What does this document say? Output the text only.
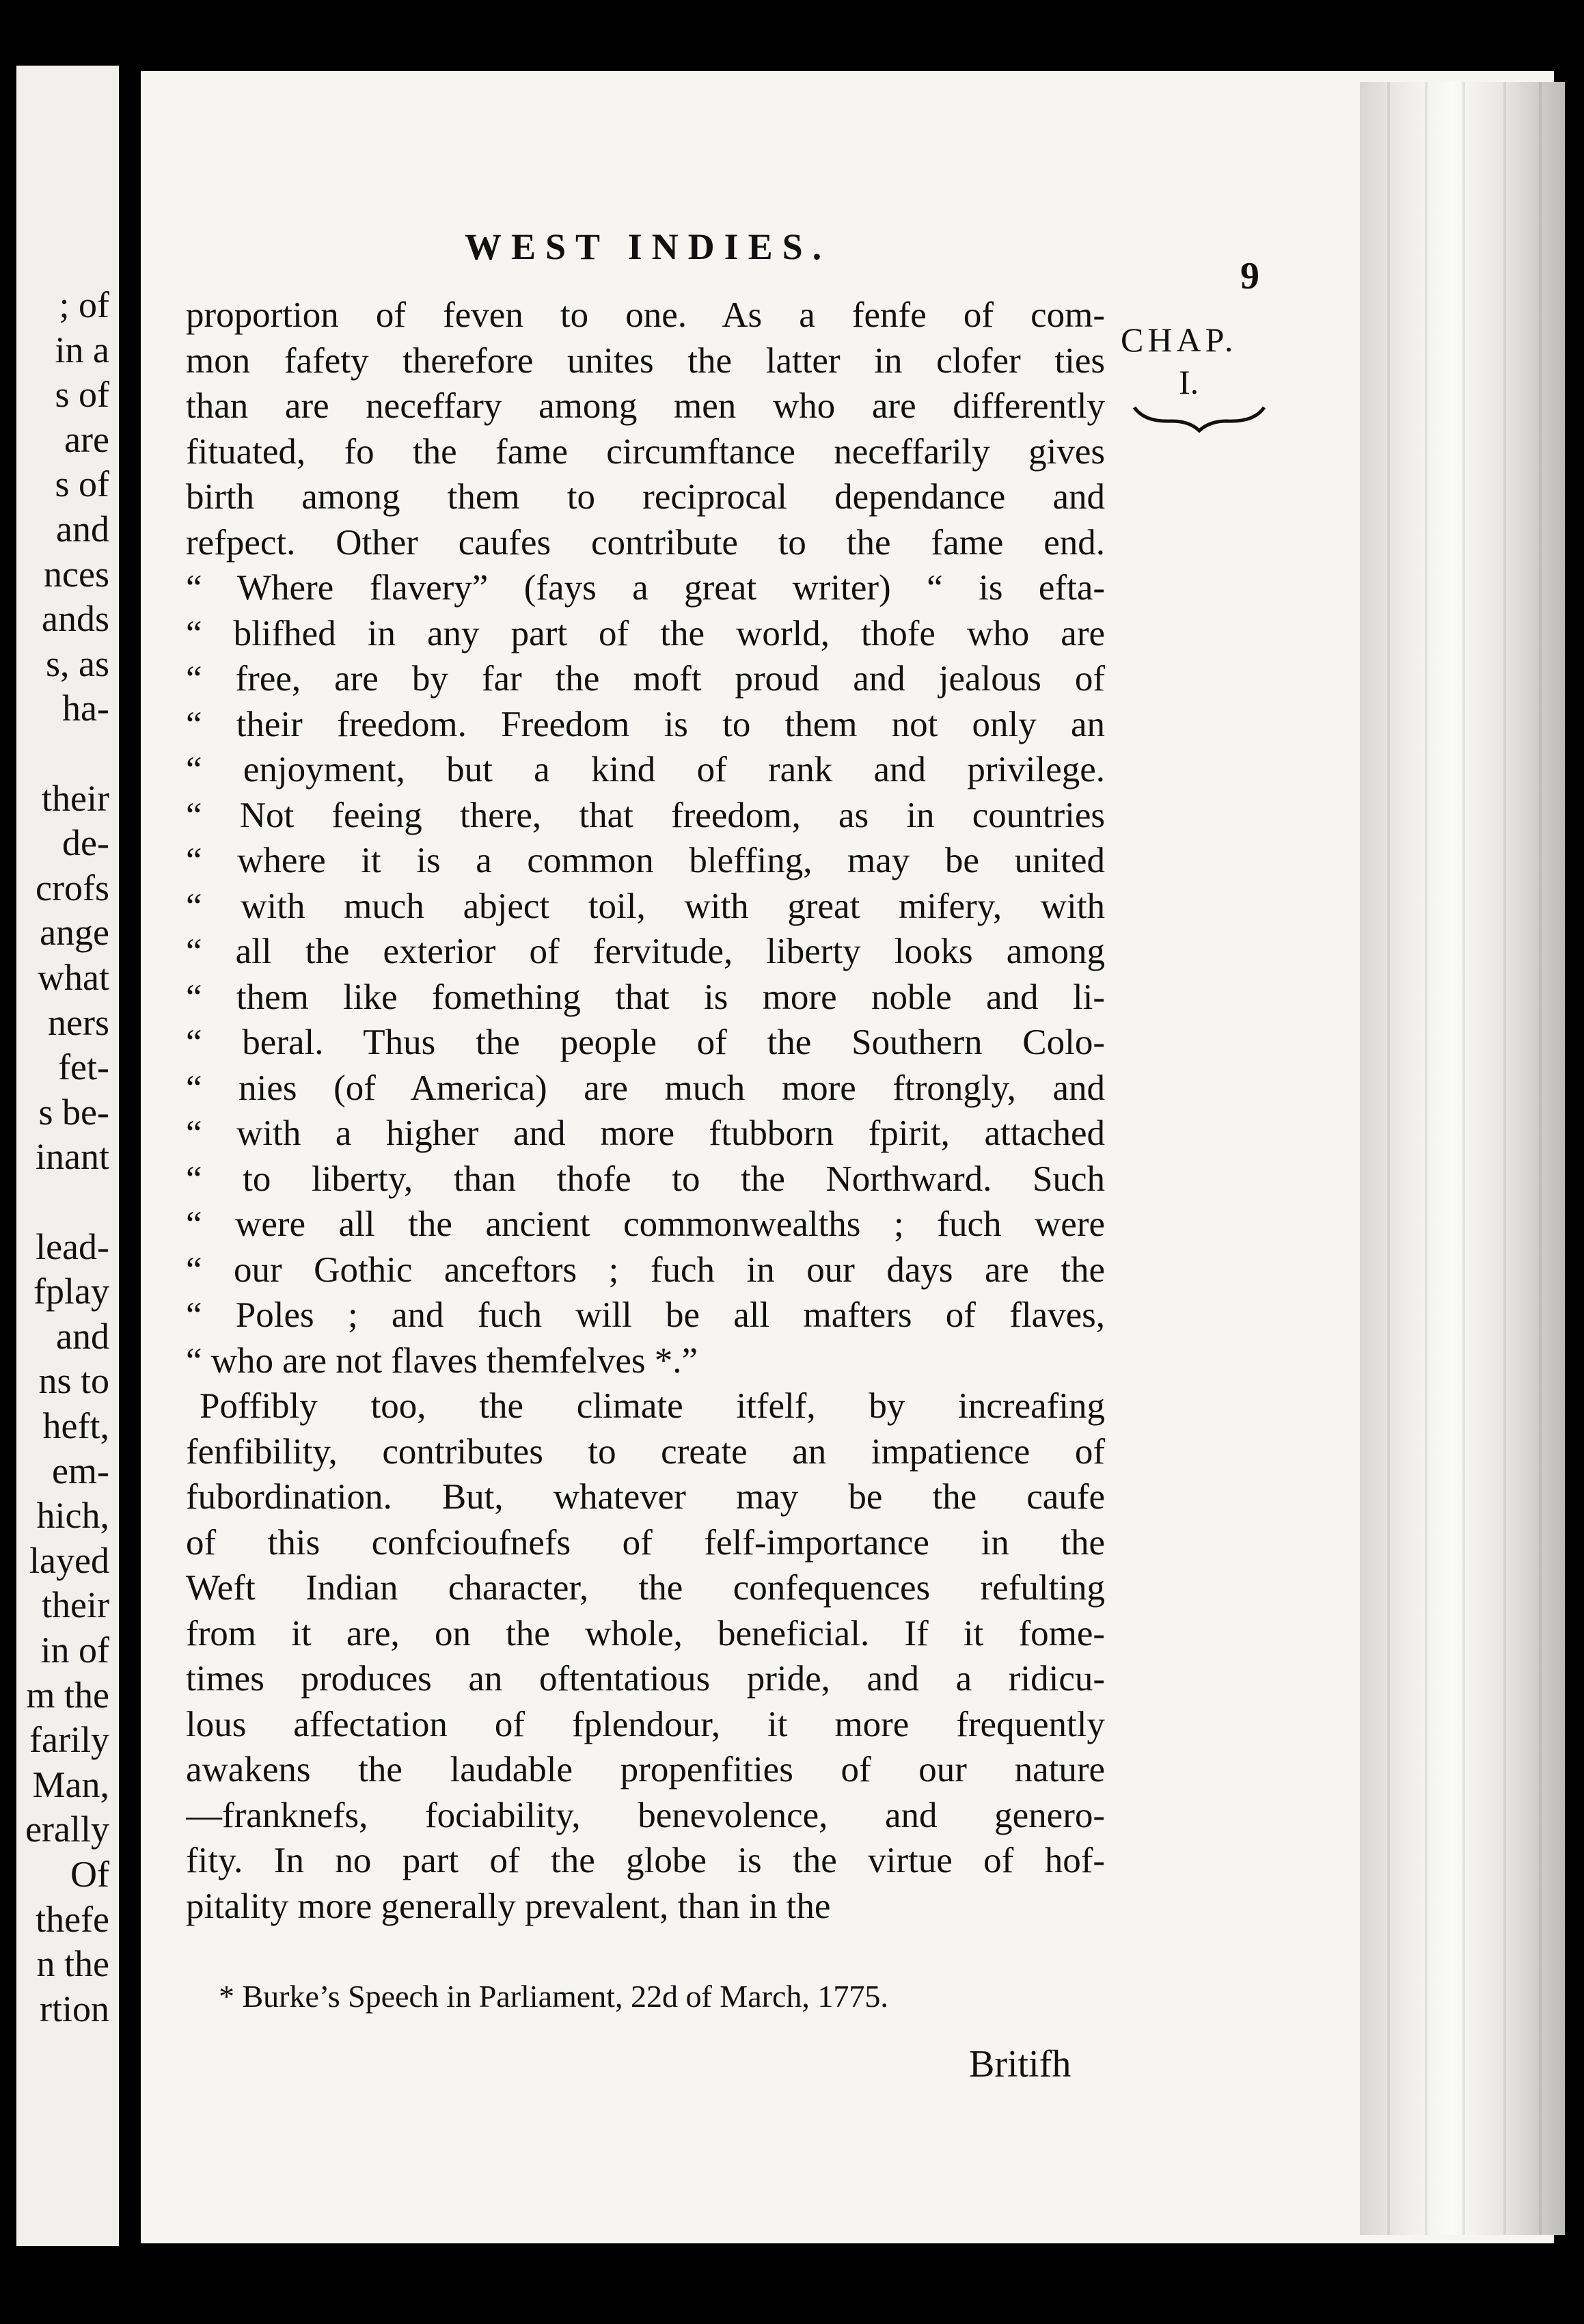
; of
in a
s of
are
s of
and
nces
ands
s, as
ha-
their
de-
crofs
ange
what
ners
fet-
s be-
inant
lead-
fplay
and
ns to
heft,
em-
hich,
layed
their
in of
m the
farily
Man,
erally
Of
thefe
n the
rtion
WEST INDIES.
9
CHAP.
I.
proportion of feven to one. As a fenfe of com-
mon fafety therefore unites the latter in clofer ties
than are neceffary among men who are differently
fituated, fo the fame circumftance neceffarily gives
birth among them to reciprocal dependance and
refpect. Other caufes contribute to the fame end.
“ Where flavery” (fays a great writer) “ is efta-
“ blifhed in any part of the world, thofe who are
“ free, are by far the moft proud and jealous of
“ their freedom. Freedom is to them not only an
“ enjoyment, but a kind of rank and privilege.
“ Not feeing there, that freedom, as in countries
“ where it is a common bleffing, may be united
“ with much abject toil, with great mifery, with
“ all the exterior of fervitude, liberty looks among
“ them like fomething that is more noble and li-
“ beral. Thus the people of the Southern Colo-
“ nies (of America) are much more ftrongly, and
“ with a higher and more ftubborn fpirit, attached
“ to liberty, than thofe to the Northward. Such
“ were all the ancient commonwealths ; fuch were
“ our Gothic anceftors ; fuch in our days are the
“ Poles ; and fuch will be all mafters of flaves,
“ who are not flaves themfelves *.”
Poffibly too, the climate itfelf, by increafing
fenfibility, contributes to create an impatience of
fubordination. But, whatever may be the caufe
of this confcioufnefs of felf-importance in the
Weft Indian character, the confequences refulting
from it are, on the whole, beneficial. If it fome-
times produces an oftentatious pride, and a ridicu-
lous affectation of fplendour, it more frequently
awakens the laudable propenfities of our nature
—franknefs, fociability, benevolence, and genero-
fity. In no part of the globe is the virtue of hof-
pitality more generally prevalent, than in the
* Burke’s Speech in Parliament, 22d of March, 1775.
Britifh
